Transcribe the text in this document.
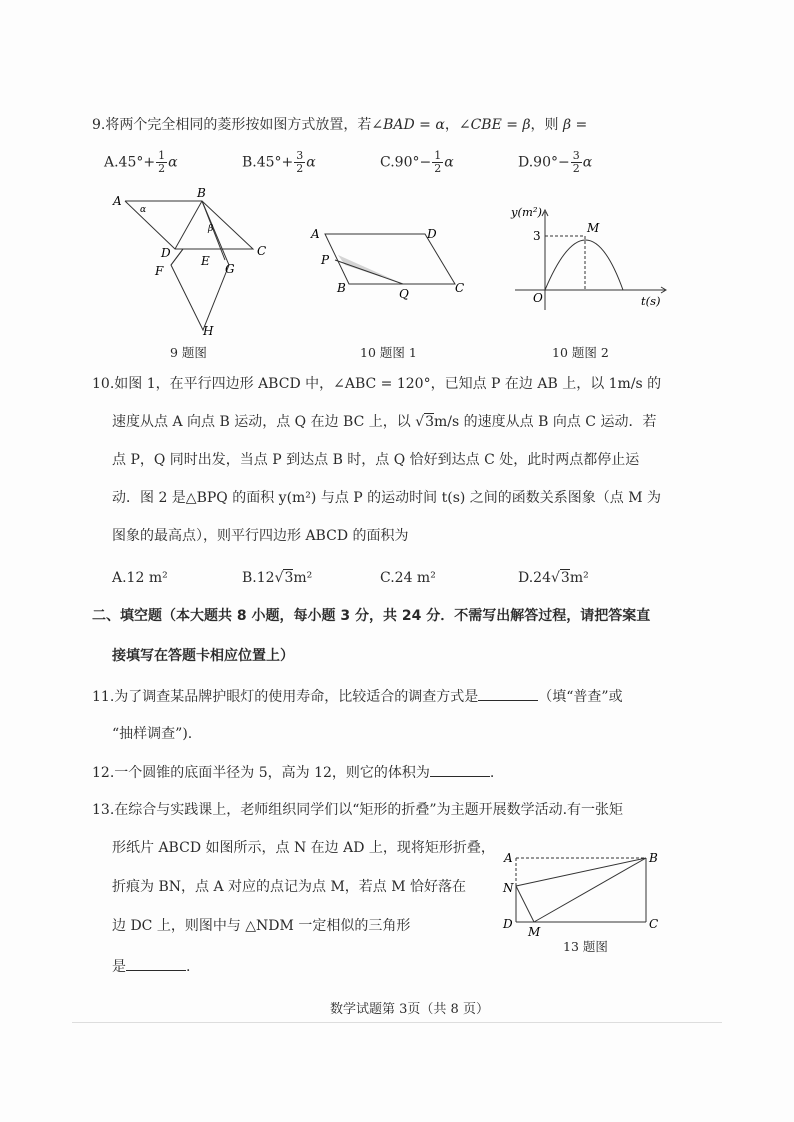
9.将两个完全相同的菱形按如图方式放置，若∠BAD = α，∠CBE = β，则 β =
$A.45^\circ+ \frac{1}{2}$ α	$B.45^\circ+ \frac{3}{2}$ α	$C.90^\circ- \frac{1}{2}$ α	$D.90^\circ- \frac{3}{2}$ α
A
α
B
β
C
D
E
F	G
H
9 题图
A	D
P
B	Q	C
10 题图 1
y(m²)
M
3
O	t(s)
10 题图 2
10.如图 1，在平行四边形 ABCD 中，∠ABC = 120°，已知点 P 在边 AB 上，以 1m/s 的
速度从点 A 向点 B 运动，点 Q 在边 BC 上，以 √3m/s 的速度从点 B 向点 C 运动．若
点 P，Q 同时出发，当点 P 到达点 B 时，点 Q 恰好到达点 C 处，此时两点都停止运
动．图 2 是△BPQ 的面积 y(m²) 与点 P 的运动时间 t(s) 之间的函数关系图象（点 M 为
图象的最高点），则平行四边形 ABCD 的面积为
A.12 m²	B.12√3m²	C.24 m²	D.24√3m²
二、填空题（本大题共 8 小题，每小题 3 分，共 24 分．不需写出解答过程，请把答案直
接填写在答题卡相应位置上）
11.为了调查某品牌护眼灯的使用寿命，比较适合的调查方式是	（填“普查”或
“抽样调查”).
12.一个圆锥的底面半径为 5，高为 12，则它的体积为	.
13.在综合与实践课上，老师组织同学们以“矩形的折叠”为主题开展数学活动.有一张矩
形纸片 ABCD 如图所示，点 N 在边 AD 上，现将矩形折叠，
折痕为 BN，点 A 对应的点记为点 M，若点 M 恰好落在
边 DC 上，则图中与 △NDM 一定相似的三角形
是	.
A	B
N
D
M
C
13 题图
数学试题第 3页（共 8 页）
